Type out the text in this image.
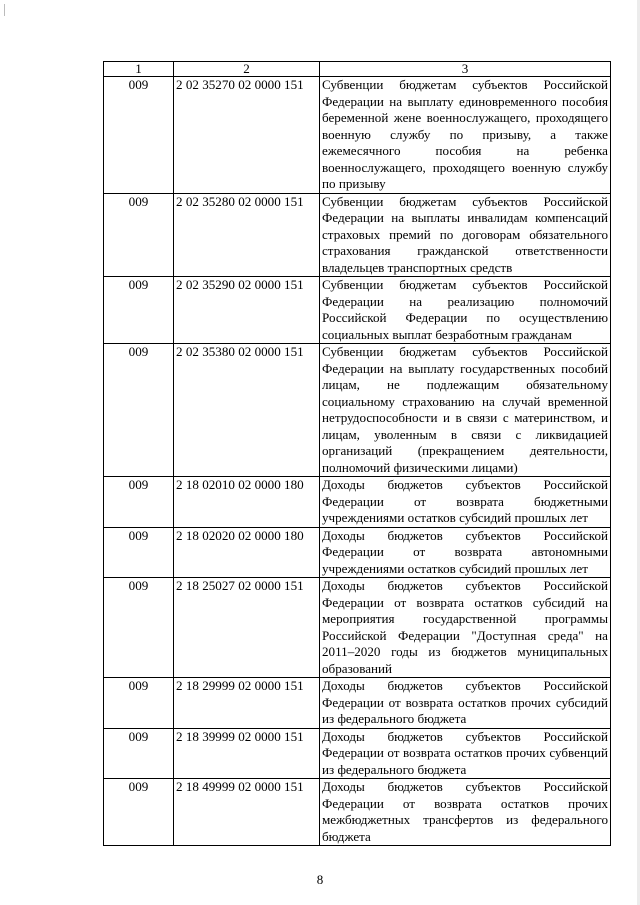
1	2	3
009	2 02 35270 02 0000 151	Субвенции бюджетам субъектов Российской Федерации на выплату единовременного пособия беременной жене военнослужащего, проходящего военную службу по призыву, а также ежемесячного пособия на ребенка военнослужащего, проходящего военную службу по призыву
009	2 02 35280 02 0000 151	Субвенции бюджетам субъектов Российской Федерации на выплаты инвалидам компенсаций страховых премий по договорам обязательного страхования гражданской ответственности владельцев транспортных средств
009	2 02 35290 02 0000 151	Субвенции бюджетам субъектов Российской Федерации на реализацию полномочий Российской Федерации по осуществлению социальных выплат безработным гражданам
009	2 02 35380 02 0000 151	Субвенции бюджетам субъектов Российской Федерации на выплату государственных пособий лицам, не подлежащим обязательному социальному страхованию на случай временной нетрудоспособности и в связи с материнством, и лицам, уволенным в связи с ликвидацией организаций (прекращением деятельности, полномочий физическими лицами)
009	2 18 02010 02 0000 180	Доходы бюджетов субъектов Российской Федерации от возврата бюджетными учреждениями остатков субсидий прошлых лет
009	2 18 02020 02 0000 180	Доходы бюджетов субъектов Российской Федерации от возврата автономными учреждениями остатков субсидий прошлых лет
009	2 18 25027 02 0000 151	Доходы бюджетов субъектов Российской Федерации от возврата остатков субсидий на мероприятия государственной программы Российской Федерации "Доступная среда" на 2011–2020 годы из бюджетов муниципальных образований
009	2 18 29999 02 0000 151	Доходы бюджетов субъектов Российской Федерации от возврата остатков прочих субсидий из федерального бюджета
009	2 18 39999 02 0000 151	Доходы бюджетов субъектов Российской Федерации от возврата остатков прочих субвенций из федерального бюджета
009	2 18 49999 02 0000 151	Доходы бюджетов субъектов Российской Федерации от возврата остатков прочих межбюджетных трансфертов из федерального бюджета
8
